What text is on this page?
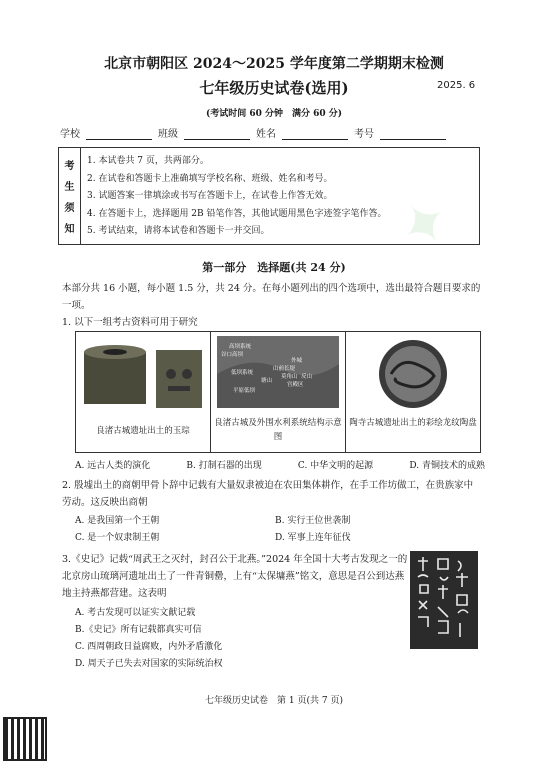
✦
北京市朝阳区 2024～2025 学年度第二学期期末检测
七年级历史试卷(选用)	2025. 6
(考试时间 60 分钟　满分 60 分)
学校	班级	姓名	考号
考
生
须
知
1. 本试卷共 7 页，共两部分。
2. 在试卷和答题卡上准确填写学校名称、班级、姓名和考号。
3. 试题答案一律填涂或书写在答题卡上，在试卷上作答无效。
4. 在答题卡上，选择题用 2B 铅笔作答，其他试题用黑色字迹签字笔作答。
5. 考试结束，请将本试卷和答题卡一并交回。
第一部分　选择题(共 24 分)
本部分共 16 小题，每小题 1.5 分，共 24 分。在每小题列出的四个选项中，选出最符合题目要求的一项。
1. 以下一组考古资料可用于研究
良渚古城遗址出土的玉琮
高坝系统
谷口高坝
低坝系统
山前长堤
外城
塘山
莫角山
宫殿区
反山
平原低坝
良渚古城及外围水利系统结构示意图
陶寺古城遗址出土的彩绘龙纹陶盘
A. 远古人类的演化	B. 打制石器的出现	C. 中华文明的起源	D. 青铜技术的成熟
2. 殷墟出土的商朝甲骨卜辞中记载有大量奴隶被迫在农田集体耕作，在手工作坊做工，在贵族家中劳动。这反映出商朝
A. 是我国第一个王朝	B. 实行王位世袭制
C. 是一个奴隶制王朝	D. 军事上连年征伐
3.《史记》记载“周武王之灭纣，封召公于北燕。”2024 年全国十大考古发现之一的北京房山琉璃河遗址出土了一件青铜罍，上有“太保墉燕”铭文，意思是召公到达燕地主持燕都营建。这表明
A. 考古发现可以证实文献记载
B.《史记》所有记载都真实可信
C. 西周朝政日益腐败，内外矛盾激化
D. 周天子已失去对国家的实际统治权
七年级历史试卷　第 1 页(共 7 页)
